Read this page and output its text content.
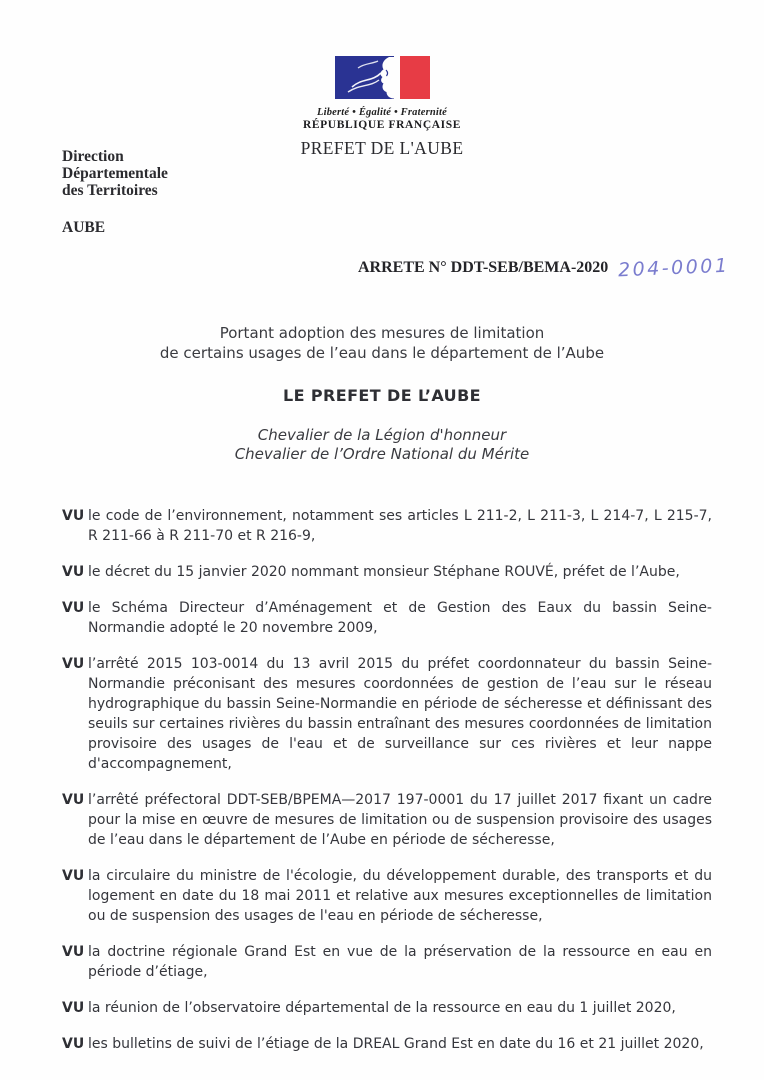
Liberté • Égalité • Fraternité
RÉPUBLIQUE FRANÇAISE
PREFET DE L'AUBE
Direction
Départementale
des Territoires
AUBE
ARRETE N° DDT-SEB/BEMA-2020 204-0001
Portant adoption des mesures de limitation
de certains usages de l’eau dans le département de l’Aube
LE PREFET DE L’AUBE
Chevalier de la Légion d'honneur
Chevalier de l’Ordre National du Mérite
VU le code de l’environnement, notamment ses articles L 211-2, L 211-3, L 214-7, L 215-7, R 211-66 à R 211-70 et R 216-9,
VU le décret du 15 janvier 2020 nommant monsieur Stéphane ROUVÉ, préfet de l’Aube,
VU le Schéma Directeur d’Aménagement et de Gestion des Eaux du bassin Seine-Normandie adopté le 20 novembre 2009,
VU l’arrêté 2015 103-0014 du 13 avril 2015 du préfet coordonnateur du bassin Seine-Normandie préconisant des mesures coordonnées de gestion de l’eau sur le réseau hydrographique du bassin Seine-Normandie en période de sécheresse et définissant des seuils sur certaines rivières du bassin entraînant des mesures coordonnées de limitation provisoire des usages de l'eau et de surveillance sur ces rivières et leur nappe d'accompagnement,
VU l’arrêté préfectoral DDT-SEB/BPEMA—2017 197-0001 du 17 juillet 2017 fixant un cadre pour la mise en œuvre de mesures de limitation ou de suspension provisoire des usages de l’eau dans le département de l’Aube en période de sécheresse,
VU la circulaire du ministre de l'écologie, du développement durable, des transports et du logement en date du 18 mai 2011 et relative aux mesures exceptionnelles de limitation ou de suspension des usages de l'eau en période de sécheresse,
VU la doctrine régionale Grand Est en vue de la préservation de la ressource en eau en période d’étiage,
VU la réunion de l’observatoire départemental de la ressource en eau du 1 juillet 2020,
VU les bulletins de suivi de l’étiage de la DREAL Grand Est en date du 16 et 21 juillet 2020,
